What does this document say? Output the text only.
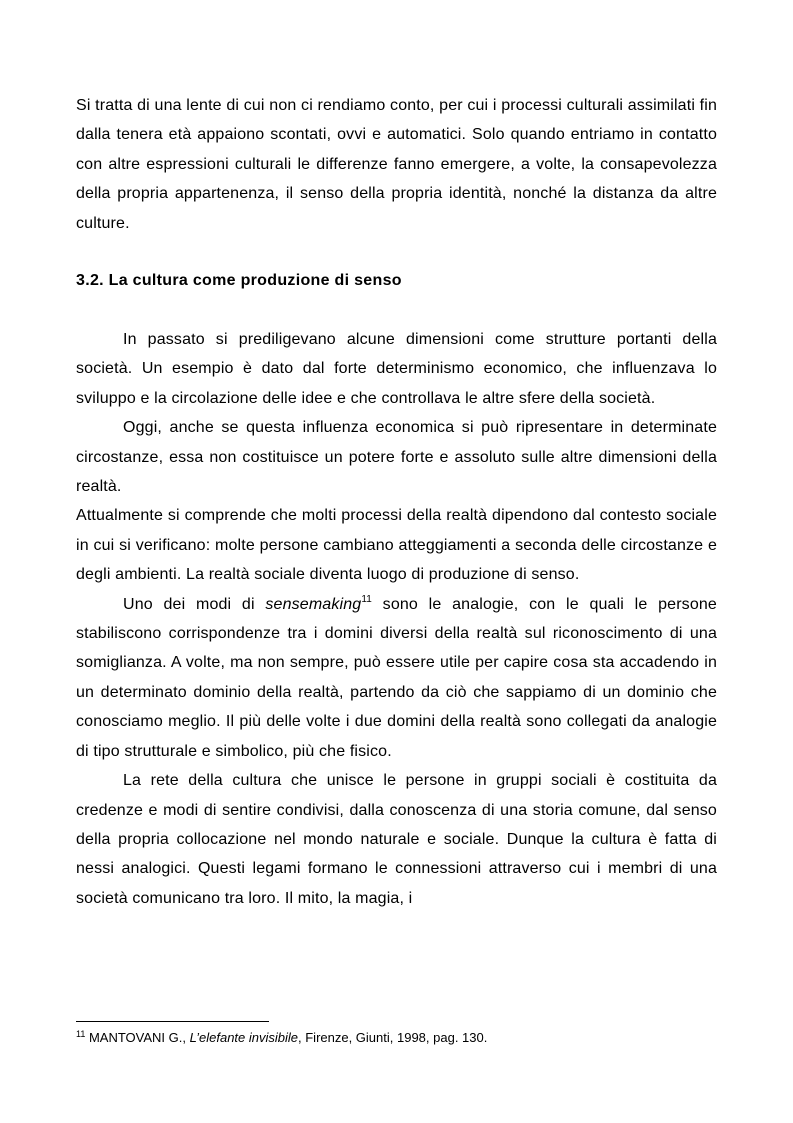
Si tratta di una lente di cui non ci rendiamo conto, per cui i processi culturali assimilati fin dalla tenera età appaiono scontati, ovvi e automatici. Solo quando entriamo in contatto con altre espressioni culturali le differenze fanno emergere, a volte, la consapevolezza della propria appartenenza, il senso della propria identità, nonché la distanza da altre culture.

3.2. La cultura come produzione di senso

In passato si prediligevano alcune dimensioni come strutture portanti della società. Un esempio è dato dal forte determinismo economico, che influenzava lo sviluppo e la circolazione delle idee e che controllava le altre sfere della società.

Oggi, anche se questa influenza economica si può ripresentare in determinate circostanze, essa non costituisce un potere forte e assoluto sulle altre dimensioni della realtà.

Attualmente si comprende che molti processi della realtà dipendono dal contesto sociale in cui si verificano: molte persone cambiano atteggiamenti a seconda delle circostanze e degli ambienti. La realtà sociale diventa luogo di produzione di senso.

Uno dei modi di sensemaking$^{11}$ sono le analogie, con le quali le persone stabiliscono corrispondenze tra i domini diversi della realtà sul riconoscimento di una somiglianza. A volte, ma non sempre, può essere utile per capire cosa sta accadendo in un determinato dominio della realtà, partendo da ciò che sappiamo di un dominio che conosciamo meglio. Il più delle volte i due domini della realtà sono collegati da analogie di tipo strutturale e simbolico, più che fisico.

La rete della cultura che unisce le persone in gruppi sociali è costituita da credenze e modi di sentire condivisi, dalla conoscenza di una storia comune, dal senso della propria collocazione nel mondo naturale e sociale. Dunque la cultura è fatta di nessi analogici. Questi legami formano le connessioni attraverso cui i membri di una società comunicano tra loro. Il mito, la magia, i

$^{11}$ MANTOVANI G., L’elefante invisibile, Firenze, Giunti, 1998, pag. 130.
